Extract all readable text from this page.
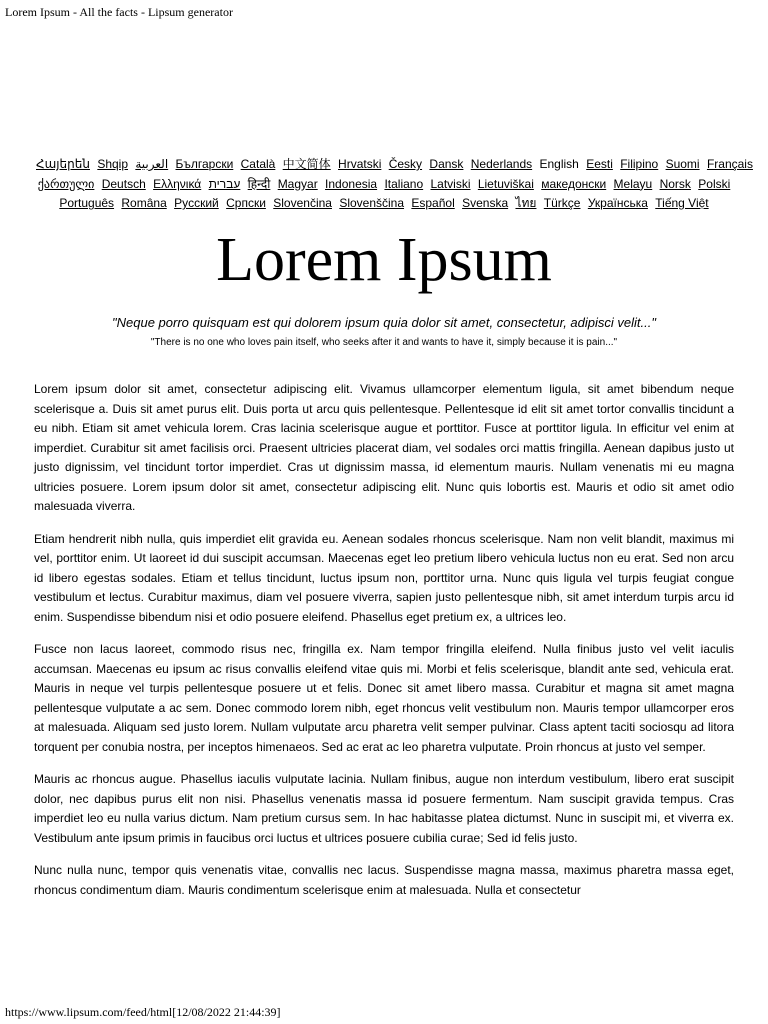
Lorem Ipsum - All the facts - Lipsum generator
Հայերեն Shqip العربية Български Català 中文简体 Hrvatski Česky Dansk Nederlands English Eesti Filipino Suomi Français
ქართული Deutsch Ελληνικά עברית हिन्दी Magyar Indonesia Italiano Latviski Lietuviškai македонски Melayu Norsk Polski
Português Româna Pyccкий Српски Slovenčina Slovenščina Español Svenska ไทย Türkçe Українська Tiếng Việt
Lorem Ipsum
"Neque porro quisquam est qui dolorem ipsum quia dolor sit amet, consectetur, adipisci velit..."
"There is no one who loves pain itself, who seeks after it and wants to have it, simply because it is pain..."

Lorem ipsum dolor sit amet, consectetur adipiscing elit. Vivamus ullamcorper elementum ligula, sit amet bibendum neque scelerisque a. Duis sit amet purus elit. Duis porta ut arcu quis pellentesque. Pellentesque id elit sit amet tortor convallis tincidunt a eu nibh. Etiam sit amet vehicula lorem. Cras lacinia scelerisque augue et porttitor. Fusce at porttitor ligula. In efficitur vel enim at imperdiet. Curabitur sit amet facilisis orci. Praesent ultricies placerat diam, vel sodales orci mattis fringilla. Aenean dapibus justo ut justo dignissim, vel tincidunt tortor imperdiet. Cras ut dignissim massa, id elementum mauris. Nullam venenatis mi eu magna ultricies posuere. Lorem ipsum dolor sit amet, consectetur adipiscing elit. Nunc quis lobortis est. Mauris et odio sit amet odio malesuada viverra.

Etiam hendrerit nibh nulla, quis imperdiet elit gravida eu. Aenean sodales rhoncus scelerisque. Nam non velit blandit, maximus mi vel, porttitor enim. Ut laoreet id dui suscipit accumsan. Maecenas eget leo pretium libero vehicula luctus non eu erat. Sed non arcu id libero egestas sodales. Etiam et tellus tincidunt, luctus ipsum non, porttitor urna. Nunc quis ligula vel turpis feugiat congue vestibulum et lectus. Curabitur maximus, diam vel posuere viverra, sapien justo pellentesque nibh, sit amet interdum turpis arcu id enim. Suspendisse bibendum nisi et odio posuere eleifend. Phasellus eget pretium ex, a ultrices leo.

Fusce non lacus laoreet, commodo risus nec, fringilla ex. Nam tempor fringilla eleifend. Nulla finibus justo vel velit iaculis accumsan. Maecenas eu ipsum ac risus convallis eleifend vitae quis mi. Morbi et felis scelerisque, blandit ante sed, vehicula erat. Mauris in neque vel turpis pellentesque posuere ut et felis. Donec sit amet libero massa. Curabitur et magna sit amet magna pellentesque vulputate a ac sem. Donec commodo lorem nibh, eget rhoncus velit vestibulum non. Mauris tempor ullamcorper eros at malesuada. Aliquam sed justo lorem. Nullam vulputate arcu pharetra velit semper pulvinar. Class aptent taciti sociosqu ad litora torquent per conubia nostra, per inceptos himenaeos. Sed ac erat ac leo pharetra vulputate. Proin rhoncus at justo vel semper.

Mauris ac rhoncus augue. Phasellus iaculis vulputate lacinia. Nullam finibus, augue non interdum vestibulum, libero erat suscipit dolor, nec dapibus purus elit non nisi. Phasellus venenatis massa id posuere fermentum. Nam suscipit gravida tempus. Cras imperdiet leo eu nulla varius dictum. Nam pretium cursus sem. In hac habitasse platea dictumst. Nunc in suscipit mi, et viverra ex. Vestibulum ante ipsum primis in faucibus orci luctus et ultrices posuere cubilia curae; Sed id felis justo.

Nunc nulla nunc, tempor quis venenatis vitae, convallis nec lacus. Suspendisse magna massa, maximus pharetra massa eget, rhoncus condimentum diam. Mauris condimentum scelerisque enim at malesuada. Nulla et consectetur

https://www.lipsum.com/feed/html[12/08/2022 21:44:39]
